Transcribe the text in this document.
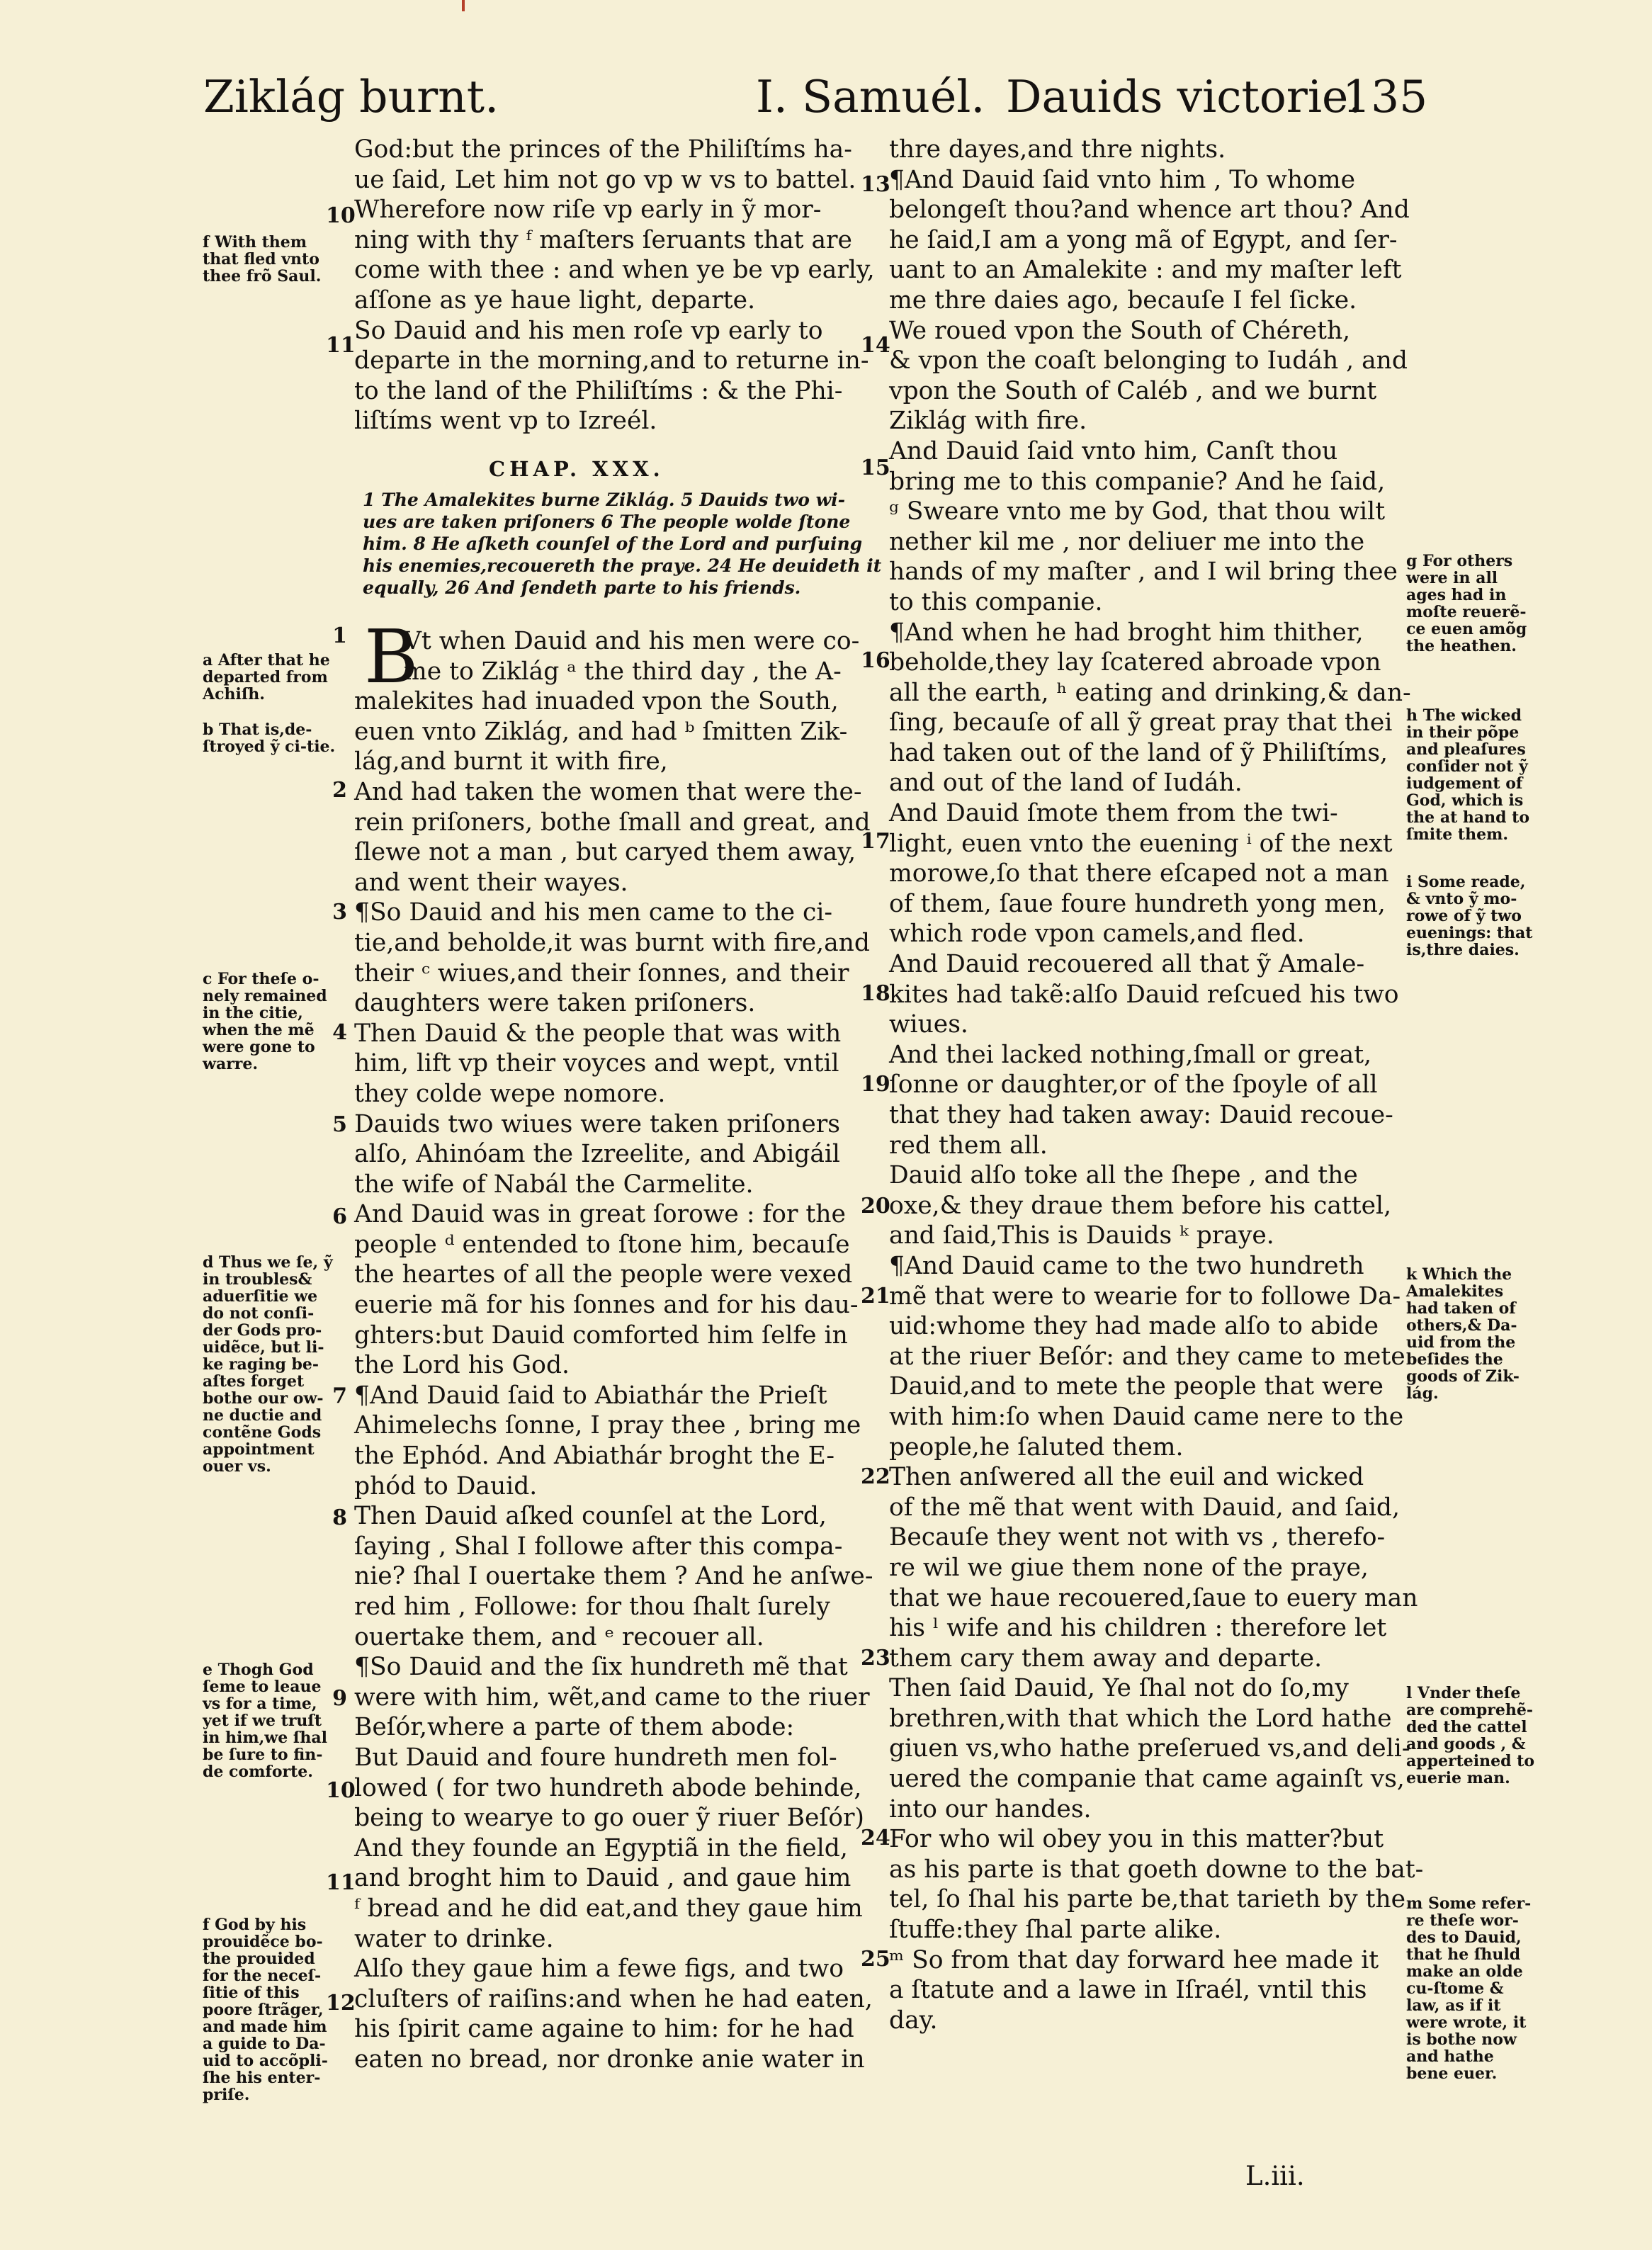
Ziklág burnt.	I. Samuél. Dauids victorie.
135

God:but the princes of the Philiſtíms ha-

ue ſaid, Let him not go vp w vs to battel.

Wherefore now riſe vp early in ỹ mor-

ning with thy ᶠ maſters ſeruants that are

come with thee : and when ye be vp early,

aſſone as ye haue light, departe.

So Dauid and his men roſe vp early to

departe in the morning,and to returne in-

to the land of the Philiſtíms : & the Phi-

liſtíms went vp to Izreél.

CHAP. XXX.

1 The Amalekites burne Ziklág. 5 Dauids two wi-

ues are taken priſoners 6 The people wolde ſtone

him. 8 He aſketh counſel of the Lord and purſuing

his enemies,recouereth the praye. 24 He deuideth it

equally, 26 And ſendeth parte to his friends.

B

Vt when Dauid and his men were co-

me to Ziklág ᵃ the third day , the A-

malekites had inuaded vpon the South,

euen vnto Ziklág, and had ᵇ ſmitten Zik-

lág,and burnt it with fire,

And had taken the women that were the-

rein priſoners, bothe ſmall and great, and

ſlewe not a man , but caryed them away,

and went their wayes.

¶So Dauid and his men came to the ci-

tie,and beholde,it was burnt with fire,and

their ᶜ wiues,and their ſonnes, and their

daughters were taken priſoners.

Then Dauid & the people that was with

him, lift vp their voyces and wept, vntil

they colde wepe nomore.

Dauids two wiues were taken priſoners

alſo, Ahinóam the Izreelite, and Abigáil

the wife of Nabál the Carmelite.

And Dauid was in great ſorowe : for the

people ᵈ entended to ſtone him, becauſe

the heartes of all the people were vexed

euerie mã for his ſonnes and for his dau-

ghters:but Dauid comforted him ſelfe in

the Lord his God.

¶And Dauid ſaid to Abiathár the Prieſt

Ahimelechs ſonne, I pray thee , bring me

the Ephód. And Abiathár broght the E-

phód to Dauid.

Then Dauid aſked counſel at the Lord,

ſaying , Shal I followe after this compa-

nie? ſhal I ouertake them ? And he anſwe-

red him , Followe: for thou ſhalt ſurely

ouertake them, and ᵉ recouer all.

¶So Dauid and the ſix hundreth mẽ that

were with him, wẽt,and came to the riuer

Beſór,where a parte of them abode:

But Dauid and foure hundreth men fol-

lowed ( for two hundreth abode behinde,

being to wearye to go ouer ỹ riuer Beſór)

And they founde an Egyptiã in the field,

and broght him to Dauid , and gaue him

ᶠ bread and he did eat,and they gaue him

water to drinke.

Alſo they gaue him a fewe figs, and two

cluſters of raiſins:and when he had eaten,

his ſpirit came againe to him: for he had

eaten no bread, nor dronke anie water in

10
11
1
2
3
4
5
6
7
8
9
10
11
12

thre dayes,and thre nights.

¶And Dauid ſaid vnto him , To whome

belongeſt thou?and whence art thou? And

he ſaid,I am a yong mã of Egypt, and ſer-

uant to an Amalekite : and my maſter left

me thre daies ago, becauſe I fel ſicke.

We roued vpon the South of Chéreth,

& vpon the coaſt belonging to Iudáh , and

vpon the South of Caléb , and we burnt

Ziklág with fire.

And Dauid ſaid vnto him, Canſt thou

bring me to this companie? And he ſaid,

ᵍ Sweare vnto me by God, that thou wilt

nether kil me , nor deliuer me into the

hands of my maſter , and I wil bring thee

to this companie.

¶And when he had broght him thither,

beholde,they lay ſcatered abroade vpon

all the earth, ʰ eating and drinking,& dan-

ſing, becauſe of all ỹ great pray that thei

had taken out of the land of ỹ Philiſtíms,

and out of the land of Iudáh.

And Dauid ſmote them from the twi-

light, euen vnto the euening ⁱ of the next

morowe,ſo that there eſcaped not a man

of them, ſaue foure hundreth yong men,

which rode vpon camels,and fled.

And Dauid recouered all that ỹ Amale-

kites had takẽ:alſo Dauid reſcued his two

wiues.

And thei lacked nothing,ſmall or great,

ſonne or daughter,or of the ſpoyle of all

that they had taken away: Dauid recoue-

red them all.

Dauid alſo toke all the ſhepe , and the

oxe,& they draue them before his cattel,

and ſaid,This is Dauids ᵏ praye.

¶And Dauid came to the two hundreth

mẽ that were to wearie for to followe Da-

uid:whome they had made alſo to abide

at the riuer Beſór: and they came to mete

Dauid,and to mete the people that were

with him:ſo when Dauid came nere to the

people,he ſaluted them.

Then anſwered all the euil and wicked

of the mẽ that went with Dauid, and ſaid,

Becauſe they went not with vs , therefo-

re wil we giue them none of the praye,

that we haue recouered,ſaue to euery man

his ˡ wife and his children : therefore let

them cary them away and departe.

Then ſaid Dauid, Ye ſhal not do ſo,my

brethren,with that which the Lord hathe

giuen vs,who hathe preſerued vs,and deli-

uered the companie that came againſt vs,

into our handes.

For who wil obey you in this matter?but

as his parte is that goeth downe to the bat-

tel, ſo ſhal his parte be,that tarieth by the

ſtuffe:they ſhal parte alike.

ᵐ So from that day forward hee made it

a ſtatute and a lawe in Iſraél, vntil this

day.

13
14
15
16
17
18
19
20
21
22
23
24
25
f With them that fled vnto thee frõ Saul.
a After that he departed from Achiſh.
b That is,de-ſtroyed ỹ ci-tie.
c For theſe o-nely remained in the citie, when the mẽ were gone to warre.
d Thus we ſe, ỹ in troubles& aduerſitie we do not conſi-der Gods pro-uidẽce, but li-ke raging be-aſtes forget bothe our ow-ne ductie and contẽne Gods appointment ouer vs.
e Thogh God ſeme to leaue vs for a time, yet if we truſt in him,we ſhal be ſure to fin-de comforte.
f God by his prouidẽce bo-the prouided for the neceſ-ſitie of this poore ſtrãger, and made him a guide to Da-uid to accõpli-ſhe his enter-priſe.
g For others were in all ages had in moſte reuerẽ-ce euen amõg the heathen.
h The wicked in their põpe and pleaſures conſider not ỹ iudgement of God, which is the at hand to ſmite them.
i Some reade, & vnto ỹ mo-rowe of ỹ two euenings: that is,thre daies.
k Which the Amalekites had taken of others,& Da-uid from the beſides the goods of Zik-lág.
l Vnder theſe are comprehẽ-ded the cattel and goods , & apperteined to euerie man.
m Some refer-re theſe wor-des to Dauid, that he ſhuld make an olde cu-ſtome & law, as if it were wrote, it is bothe now and hathe bene euer.
L.iii.
